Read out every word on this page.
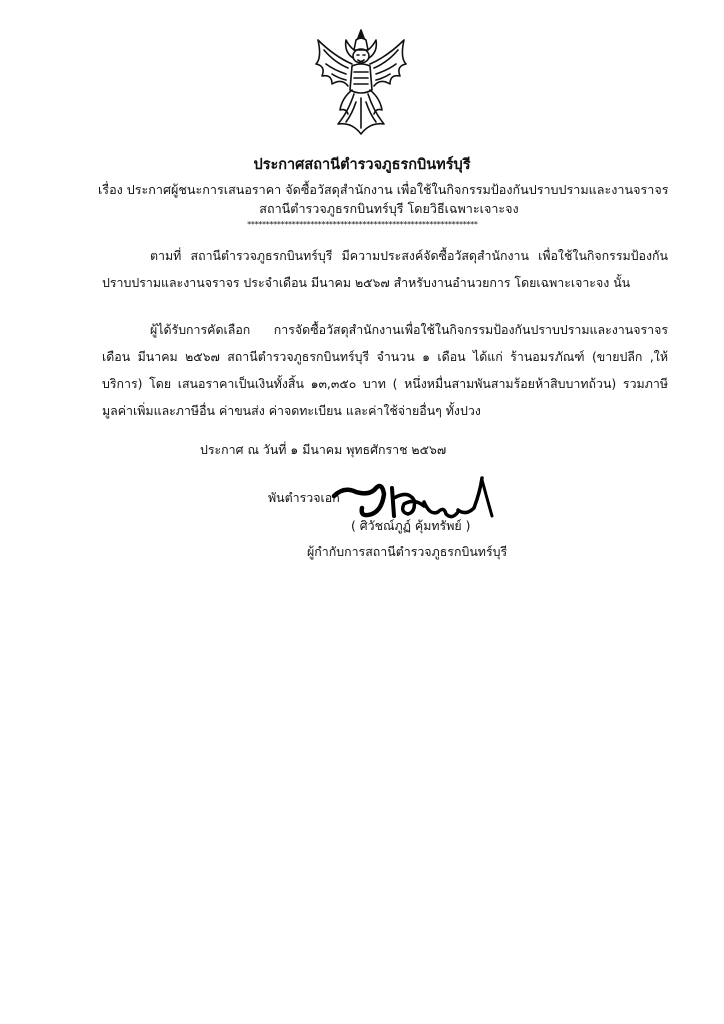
ประกาศสถานีตำรวจภูธรกบินทร์บุรี
เรื่อง ประกาศผู้ชนะการเสนอราคา จัดซื้อวัสดุสำนักงาน เพื่อใช้ในกิจกรรมป้องกันปราบปรามและงานจราจร
สถานีตำรวจภูธรกบินทร์บุรี โดยวิธีเฉพาะเจาะจง
**************************************************************
ตามที่ สถานีตำรวจภูธรกบินทร์บุรี มีความประสงค์จัดซื้อวัสดุสำนักงาน เพื่อใช้ในกิจกรรมป้องกันปราบปรามและงานจราจร ประจำเดือน มีนาคม ๒๕๖๗ สำหรับงานอำนวยการ โดยเฉพาะเจาะจง นั้น
ผู้ได้รับการคัดเลือก การจัดซื้อวัสดุสำนักงานเพื่อใช้ในกิจกรรมป้องกันปราบปรามและงานจราจร เดือน มีนาคม ๒๕๖๗ สถานีตำรวจภูธรกบินทร์บุรี จำนวน ๑ เดือน ได้แก่ ร้านอมรภัณฑ์ (ขายปลีก ,ให้บริการ) โดย เสนอราคาเป็นเงินทั้งสิ้น ๑๓,๓๕๐ บาท ( หนึ่งหมื่นสามพันสามร้อยห้าสิบบาทถ้วน) รวมภาษีมูลค่าเพิ่มและภาษีอื่น ค่าขนส่ง ค่าจดทะเบียน และค่าใช้จ่ายอื่นๆ ทั้งปวง
ประกาศ ณ วันที่ ๑ มีนาคม พุทธศักราช ๒๕๖๗
พันตำรวจเอก
( ศิวัชณ์ภูฏ์ คุ้มทรัพย์ )
ผู้กำกับการสถานีตำรวจภูธรกบินทร์บุรี
